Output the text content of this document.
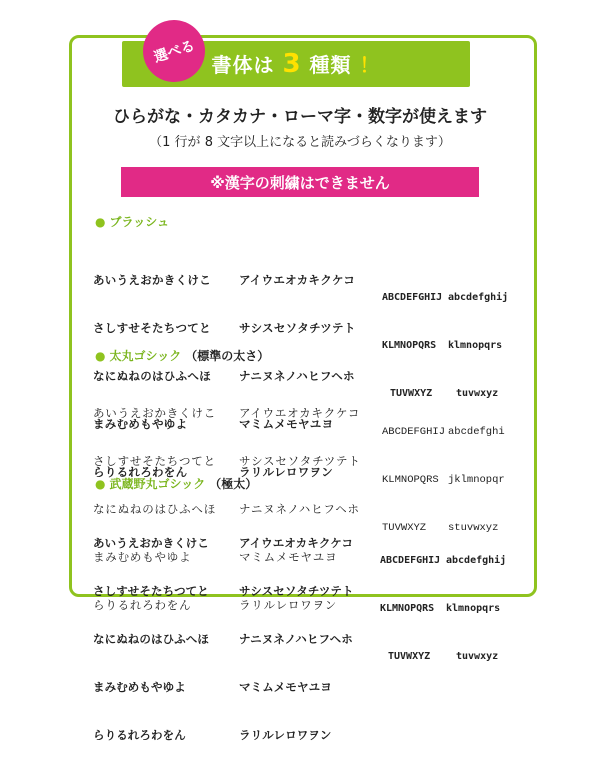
書体は 3 種類 ！
選べる
ひらがな・カタカナ・ローマ字・数字が使えます
（1 行が 8 文字以上になると読みづらくなります）
※漢字の刺繍はできません
● ブラッシュ

あいうえおかきくけこ

さしすせそたちつてと

なにぬねのはひふへほ

まみむめもやゆよ

らりるれろわをん

アイウエオカキクケコ

サシスセソタチツテト

ナニヌネノハヒフヘホ

マミムメモヤユヨ

ラリルレロワヲン

ABCDEFGHIJ

KLMNOPQRS

TUVWXYZ

abcdefghij

klmnopqrs

tuvwxyz

● 太丸ゴシック （標準の太さ）

あいうえおかきくけこ

さしすせそたちつてと

なにぬねのはひふへほ

まみむめもやゆよ

らりるれろわをん

アイウエオカキクケコ

サシスセソタチツテト

ナニヌネノハヒフヘホ

マミムメモヤユヨ

ラリルレロワヲン

ABCDEFGHIJ

KLMNOPQRS

TUVWXYZ

abcdefghi

jklmnopqr

stuvwxyz

● 武蔵野丸ゴシック （極太）

あいうえおかきくけこ

さしすせそたちつてと

なにぬねのはひふへほ

まみむめもやゆよ

らりるれろわをん

アイウエオカキクケコ

サシスセソタチツテト

ナニヌネノハヒフヘホ

マミムメモヤユヨ

ラリルレロワヲン

ABCDEFGHIJ

KLMNOPQRS

TUVWXYZ

abcdefghij

klmnopqrs

tuvwxyz
